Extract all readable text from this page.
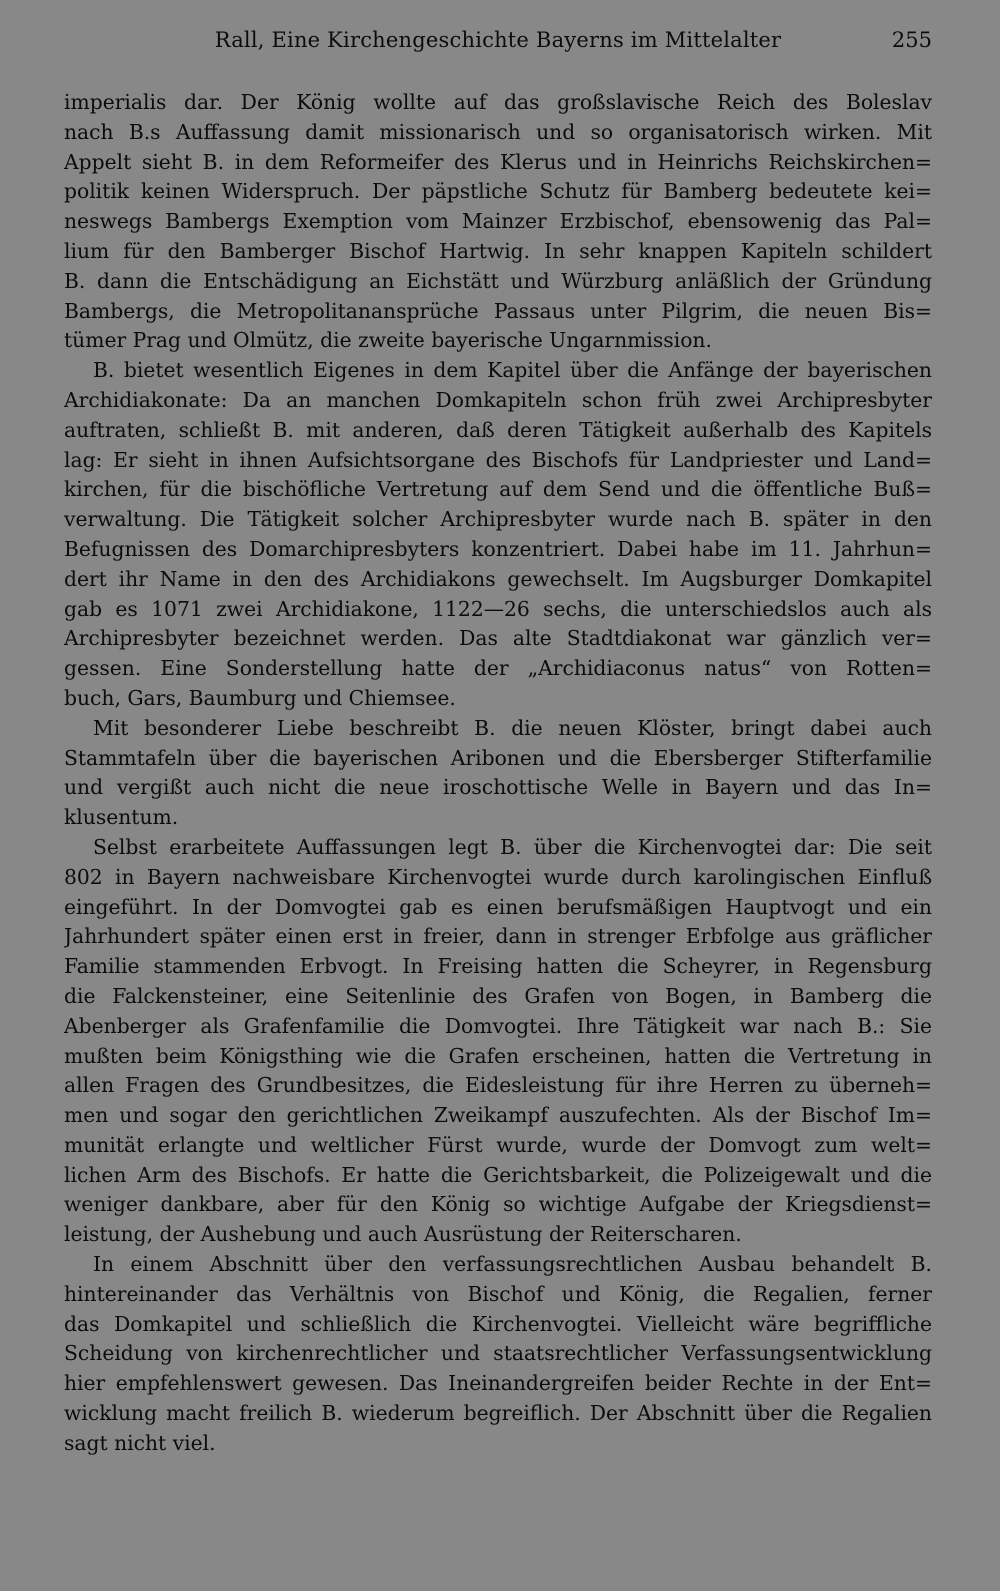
Rall, Eine Kirchengeschichte Bayerns im Mittelalter	255
imperialis dar. Der König wollte auf das großslavische Reich des Boleslav
nach B.s Auffassung damit missionarisch und so organisatorisch wirken. Mit
Appelt sieht B. in dem Reformeifer des Klerus und in Heinrichs Reichskirchen=
politik keinen Widerspruch. Der päpstliche Schutz für Bamberg bedeutete kei=
neswegs Bambergs Exemption vom Mainzer Erzbischof, ebensowenig das Pal=
lium für den Bamberger Bischof Hartwig. In sehr knappen Kapiteln schildert
B. dann die Entschädigung an Eichstätt und Würzburg anläßlich der Gründung
Bambergs, die Metropolitanansprüche Passaus unter Pilgrim, die neuen Bis=
tümer Prag und Olmütz, die zweite bayerische Ungarnmission.
B. bietet wesentlich Eigenes in dem Kapitel über die Anfänge der bayerischen
Archidiakonate: Da an manchen Domkapiteln schon früh zwei Archipresbyter
auftraten, schließt B. mit anderen, daß deren Tätigkeit außerhalb des Kapitels
lag: Er sieht in ihnen Aufsichtsorgane des Bischofs für Landpriester und Land=
kirchen, für die bischöfliche Vertretung auf dem Send und die öffentliche Buß=
verwaltung. Die Tätigkeit solcher Archipresbyter wurde nach B. später in den
Befugnissen des Domarchipresbyters konzentriert. Dabei habe im 11. Jahrhun=
dert ihr Name in den des Archidiakons gewechselt. Im Augsburger Domkapitel
gab es 1071 zwei Archidiakone, 1122—26 sechs, die unterschiedslos auch als
Archipresbyter bezeichnet werden. Das alte Stadtdiakonat war gänzlich ver=
gessen. Eine Sonderstellung hatte der „Archidiaconus natus“ von Rotten=
buch, Gars, Baumburg und Chiemsee.
Mit besonderer Liebe beschreibt B. die neuen Klöster, bringt dabei auch
Stammtafeln über die bayerischen Aribonen und die Ebersberger Stifterfamilie
und vergißt auch nicht die neue iroschottische Welle in Bayern und das In=
klusentum.
Selbst erarbeitete Auffassungen legt B. über die Kirchenvogtei dar: Die seit
802 in Bayern nachweisbare Kirchenvogtei wurde durch karolingischen Einfluß
eingeführt. In der Domvogtei gab es einen berufsmäßigen Hauptvogt und ein
Jahrhundert später einen erst in freier, dann in strenger Erbfolge aus gräflicher
Familie stammenden Erbvogt. In Freising hatten die Scheyrer, in Regensburg
die Falckensteiner, eine Seitenlinie des Grafen von Bogen, in Bamberg die
Abenberger als Grafenfamilie die Domvogtei. Ihre Tätigkeit war nach B.: Sie
mußten beim Königsthing wie die Grafen erscheinen, hatten die Vertretung in
allen Fragen des Grundbesitzes, die Eidesleistung für ihre Herren zu überneh=
men und sogar den gerichtlichen Zweikampf auszufechten. Als der Bischof Im=
munität erlangte und weltlicher Fürst wurde, wurde der Domvogt zum welt=
lichen Arm des Bischofs. Er hatte die Gerichtsbarkeit, die Polizeigewalt und die
weniger dankbare, aber für den König so wichtige Aufgabe der Kriegsdienst=
leistung, der Aushebung und auch Ausrüstung der Reiterscharen.
In einem Abschnitt über den verfassungsrechtlichen Ausbau behandelt B.
hintereinander das Verhältnis von Bischof und König, die Regalien, ferner
das Domkapitel und schließlich die Kirchenvogtei. Vielleicht wäre begriffliche
Scheidung von kirchenrechtlicher und staatsrechtlicher Verfassungsentwicklung
hier empfehlenswert gewesen. Das Ineinandergreifen beider Rechte in der Ent=
wicklung macht freilich B. wiederum begreiflich. Der Abschnitt über die Regalien
sagt nicht viel.
